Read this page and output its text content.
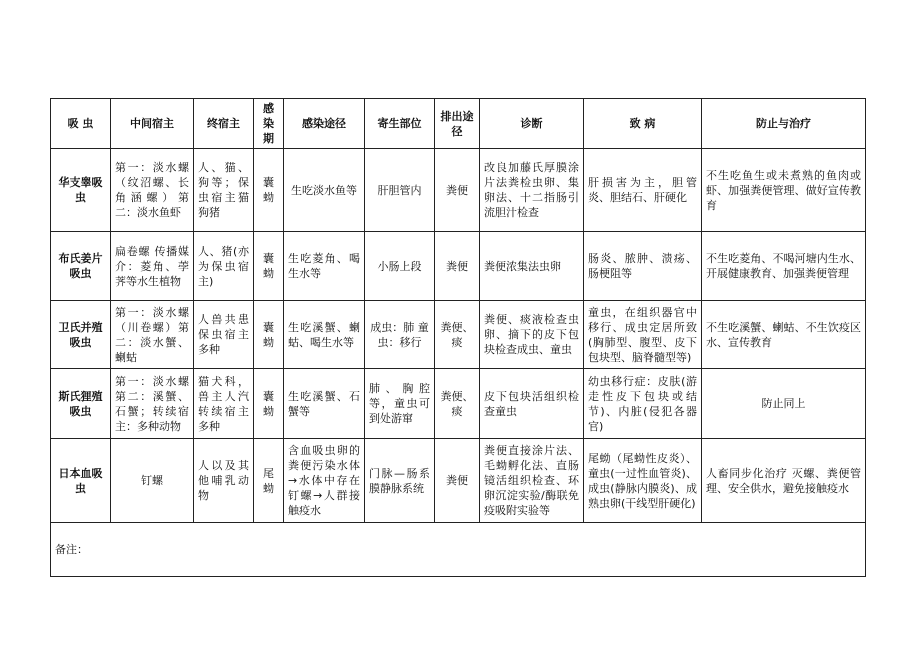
吸 虫	中间宿主	终宿主	感染期	感染途径	寄生部位	排出途径	诊断	致 病	防止与治疗
华支睾吸虫	第一：淡水螺（纹沼螺、长角涵螺）第二：淡水鱼虾	人、猫、狗等；保虫宿主猫狗猪	囊蚴	生吃淡水鱼等	肝胆管内	粪便	改良加藤氏厚膜涂片法粪检虫卵、集卵法、十二指肠引流胆汁检查	肝损害为主，胆管炎、胆结石、肝硬化	不生吃鱼生或未煮熟的鱼肉或虾、加强粪便管理、做好宣传教育
布氏姜片吸虫	扁卷螺 传播媒介：菱角、荸荠等水生植物	人、猪(亦为保虫宿主)	囊蚴	生吃菱角、喝生水等	小肠上段	粪便	粪便浓集法虫卵	肠炎、脓肿、溃疡、肠梗阻等	不生吃菱角、不喝河塘内生水、开展健康教育、加强粪便管理
卫氏并殖吸虫	第一：淡水螺（川卷螺）第二：淡水蟹、蝲蛄	人兽共患保虫宿主多种	囊蚴	生吃溪蟹、蝲蛄、喝生水等	成虫：肺 童虫：移行	粪便、痰	粪便、痰液检查虫卵、摘下的皮下包块检查成虫、童虫	童虫，在组织器官中移行、成虫定居所致(胸肺型、腹型、皮下包块型、脑脊髓型等)	不生吃溪蟹、蝲蛄、不生饮疫区水、宣传教育
斯氏狸殖吸虫	第一：淡水螺 第二：溪蟹、石蟹；转续宿主：多种动物	猫犬科，兽主人汽转续宿主多种	囊蚴	生吃溪蟹、石蟹等	肺、胸腔等，童虫可到处游窜	粪便、痰	皮下包块活组织检查童虫	幼虫移行症：皮肤(游走性皮下包块或结节)、内脏(侵犯各器官)	防止同上
日本血吸虫	钉螺	人以及其他哺乳动物	尾蚴	含血吸虫卵的粪便污染水体→水体中存在钉螺→人群接触疫水	门脉—肠系膜静脉系统	粪便	粪便直接涂片法、毛蚴孵化法、直肠镜活组织检查、环卵沉淀实验/酶联免疫吸附实验等	尾蚴（尾蚴性皮炎）、童虫(一过性血管炎)、成虫(静脉内膜炎)、成熟虫卵(干线型肝硬化)	人畜同步化治疗 灭螺、粪便管理、安全供水，避免接触疫水
备注：									
